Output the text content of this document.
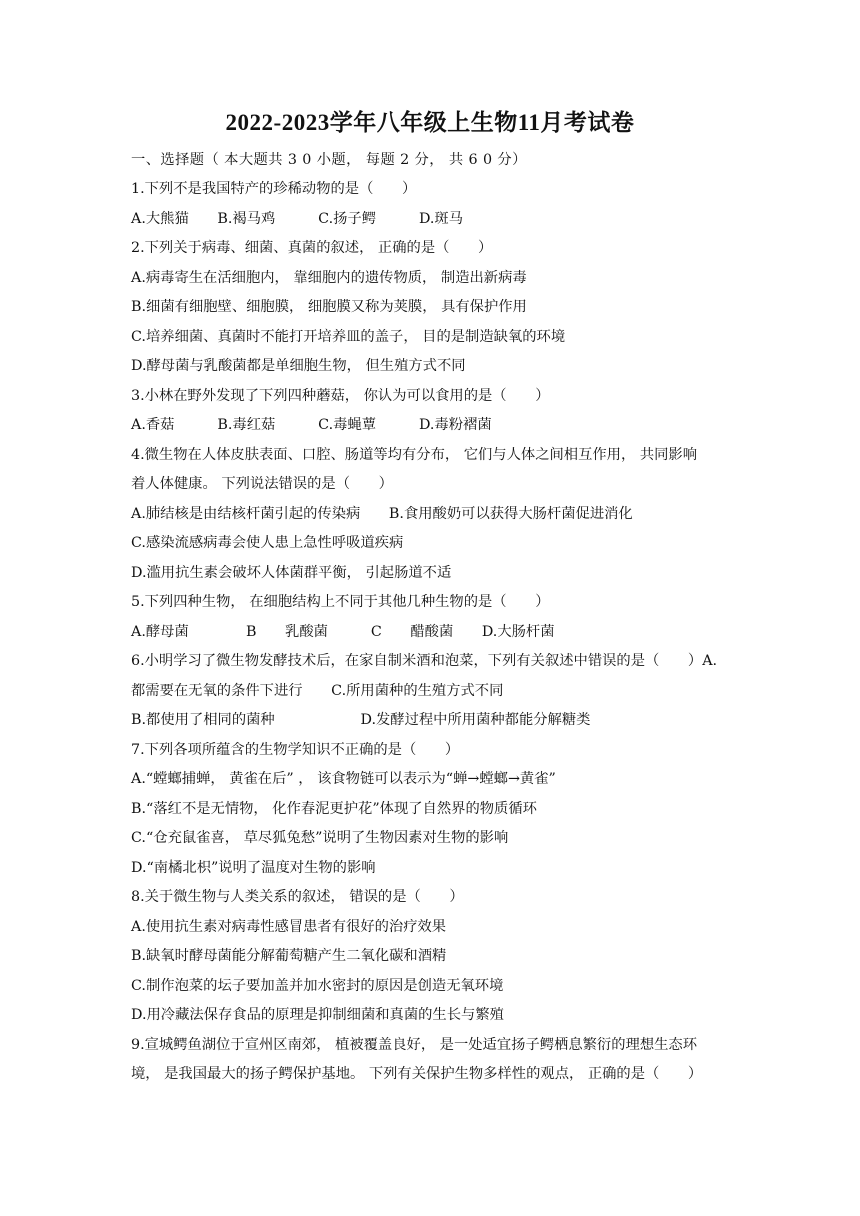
2022-2023学年八年级上生物11月考试卷
一、选择题（ 本大题共 3 0 小题， 每题 2 分， 共 6 0 分）
1.下列不是我国特产的珍稀动物的是（　　）
A.大熊猫　　B.褐马鸡　　　C.扬子鳄　　　D.斑马
2.下列关于病毒、细菌、真菌的叙述， 正确的是（　　）
A.病毒寄生在活细胞内， 靠细胞内的遗传物质， 制造出新病毒
B.细菌有细胞壁、细胞膜， 细胞膜又称为荚膜， 具有保护作用
C.培养细菌、真菌时不能打开培养皿的盖子， 目的是制造缺氧的环境
D.酵母菌与乳酸菌都是单细胞生物， 但生殖方式不同
3.小林在野外发现了下列四种蘑菇， 你认为可以食用的是（　　）
A.香菇　　　B.毒红菇　　　C.毒蝇蕈　　　D.毒粉褶菌
4.微生物在人体皮肤表面、口腔、肠道等均有分布， 它们与人体之间相互作用， 共同影响
着人体健康。 下列说法错误的是（　　）
A.肺结核是由结核杆菌引起的传染病　　B.食用酸奶可以获得大肠杆菌促进消化
C.感染流感病毒会使人患上急性呼吸道疾病
D.滥用抗生素会破坏人体菌群平衡， 引起肠道不适
5.下列四种生物， 在细胞结构上不同于其他几种生物的是（　　）
A.酵母菌　　　　B　　乳酸菌　　　C　　醋酸菌　　D.大肠杆菌
6.小明学习了微生物发酵技术后，在家自制米酒和泡菜，下列有关叙述中错误的是（　　）A.
都需要在无氧的条件下进行　　C.所用菌种的生殖方式不同
B.都使用了相同的菌种　　　　　　D.发酵过程中所用菌种都能分解糖类
7.下列各项所蕴含的生物学知识不正确的是（　　）
A.“螳螂捕蝉， 黄雀在后” ， 该食物链可以表示为“蝉→螳螂→黄雀”
B.“落红不是无情物， 化作春泥更护花”体现了自然界的物质循环
C.“仓充鼠雀喜， 草尽狐兔愁”说明了生物因素对生物的影响
D.“南橘北枳”说明了温度对生物的影响
8.关于微生物与人类关系的叙述， 错误的是（　　）
A.使用抗生素对病毒性感冒患者有很好的治疗效果
B.缺氧时酵母菌能分解葡萄糖产生二氧化碳和酒精
C.制作泡菜的坛子要加盖并加水密封的原因是创造无氧环境
D.用冷藏法保存食品的原理是抑制细菌和真菌的生长与繁殖
9.宣城鳄鱼湖位于宣州区南郊， 植被覆盖良好， 是一处适宜扬子鳄栖息繁衍的理想生态环
境， 是我国最大的扬子鳄保护基地。 下列有关保护生物多样性的观点， 正确的是（　　）
